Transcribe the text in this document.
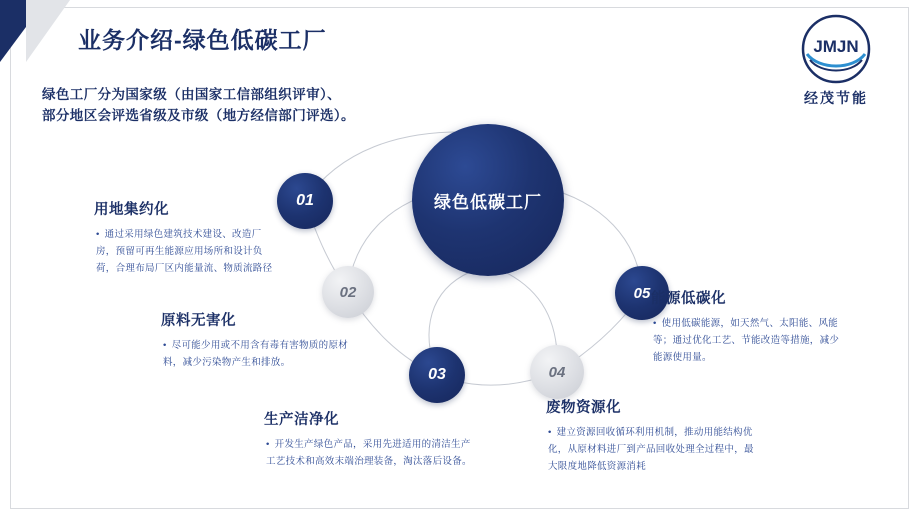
业务介绍-绿色低碳工厂
绿色工厂分为国家级（由国家工信部组织评审）、
部分地区会评选省级及市级（地方经信部门评选）。
JMJN
经茂节能
绿色低碳工厂
01
02
03	04
05
用地集约化

• 通过采用绿色建筑技术建设、改造厂房，预留可再生能源应用场所和设计负荷，合理布局厂区内能量流、物质流路径

原料无害化

• 尽可能少用或不用含有毒有害物质的原材料，减少污染物产生和排放。

生产洁净化

• 开发生产绿色产品，采用先进适用的清洁生产工艺技术和高效末端治理装备，淘汰落后设备。

废物资源化

• 建立资源回收循环利用机制，推动用能结构优化，从原材料进厂到产品回收处理全过程中，最大限度地降低资源消耗

能源低碳化

• 使用低碳能源，如天然气、太阳能、风能等；通过优化工艺、节能改造等措施，减少能源使用量。
